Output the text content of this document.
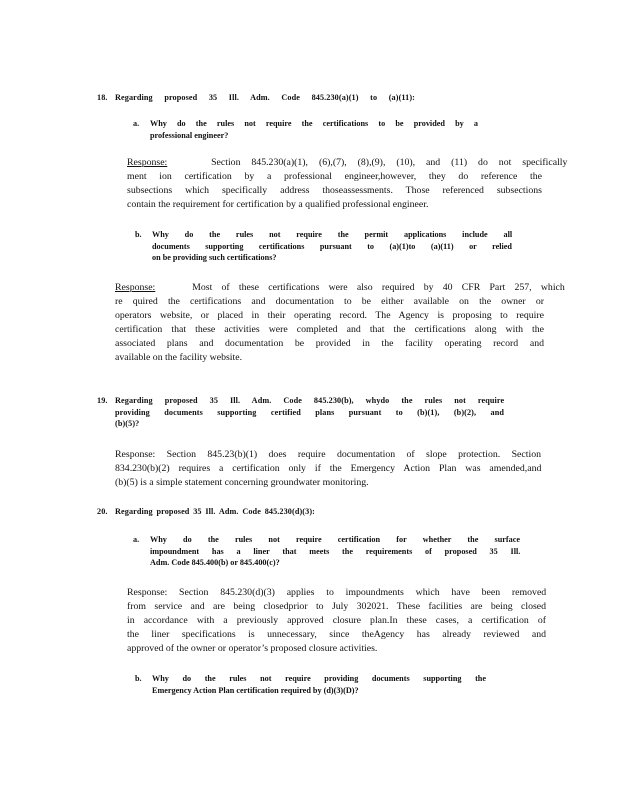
18. Regarding proposed 35 Ill. Adm. Code 845.230(a)(1) to (a)(11):
a. Why do the rules not require the certifications to be provided by a
professional engineer?
Response:	Section 845.230(a)(1), (6),(7), (8),(9), (10), and (11) do not specifically
ment ion certification by a professional engineer,however, they do reference the
subsections which specifically address thoseassessments. Those referenced subsections
contain the requirement for certification by a qualified professional engineer.
b. Why do the rules not require the permit applications include all
documents supporting certifications pursuant to (a)(1)to (a)(11) or relied
on be providing such certifications?
Response:	Most of these certifications were also required by 40 CFR Part 257, which
re quired the certifications and documentation to be either available on the owner or
operators website, or placed in their operating record. The Agency is proposing to require
certification that these activities were completed and that the certifications along with the
associated plans and documentation be provided in the facility operating record and
available on the facility website.
19. Regarding proposed 35 Ill. Adm. Code 845.230(b), whydo the rules not require
providing documents supporting certified plans pursuant to (b)(1), (b)(2), and
(b)(5)?
Response: Section 845.23(b)(1) does require documentation of slope protection. Section
834.230(b)(2) requires a certification only if the Emergency Action Plan was amended,and
(b)(5) is a simple statement concerning groundwater monitoring.
20. Regarding proposed 35 Ill. Adm. Code 845.230(d)(3):
a. Why do the rules not require certification for whether the surface
impoundment has a liner that meets the requirements of proposed 35 Ill.
Adm. Code 845.400(b) or 845.400(c)?
Response: Section 845.230(d)(3) applies to impoundments which have been removed
from service and are being closedprior to July 302021. These facilities are being closed
in accordance with a previously approved closure plan.In these cases, a certification of
the liner specifications is unnecessary, since theAgency has already reviewed and
approved of the owner or operator’s proposed closure activities.
b. Why do the rules not require providing documents supporting the
Emergency Action Plan certification required by (d)(3)(D)?
